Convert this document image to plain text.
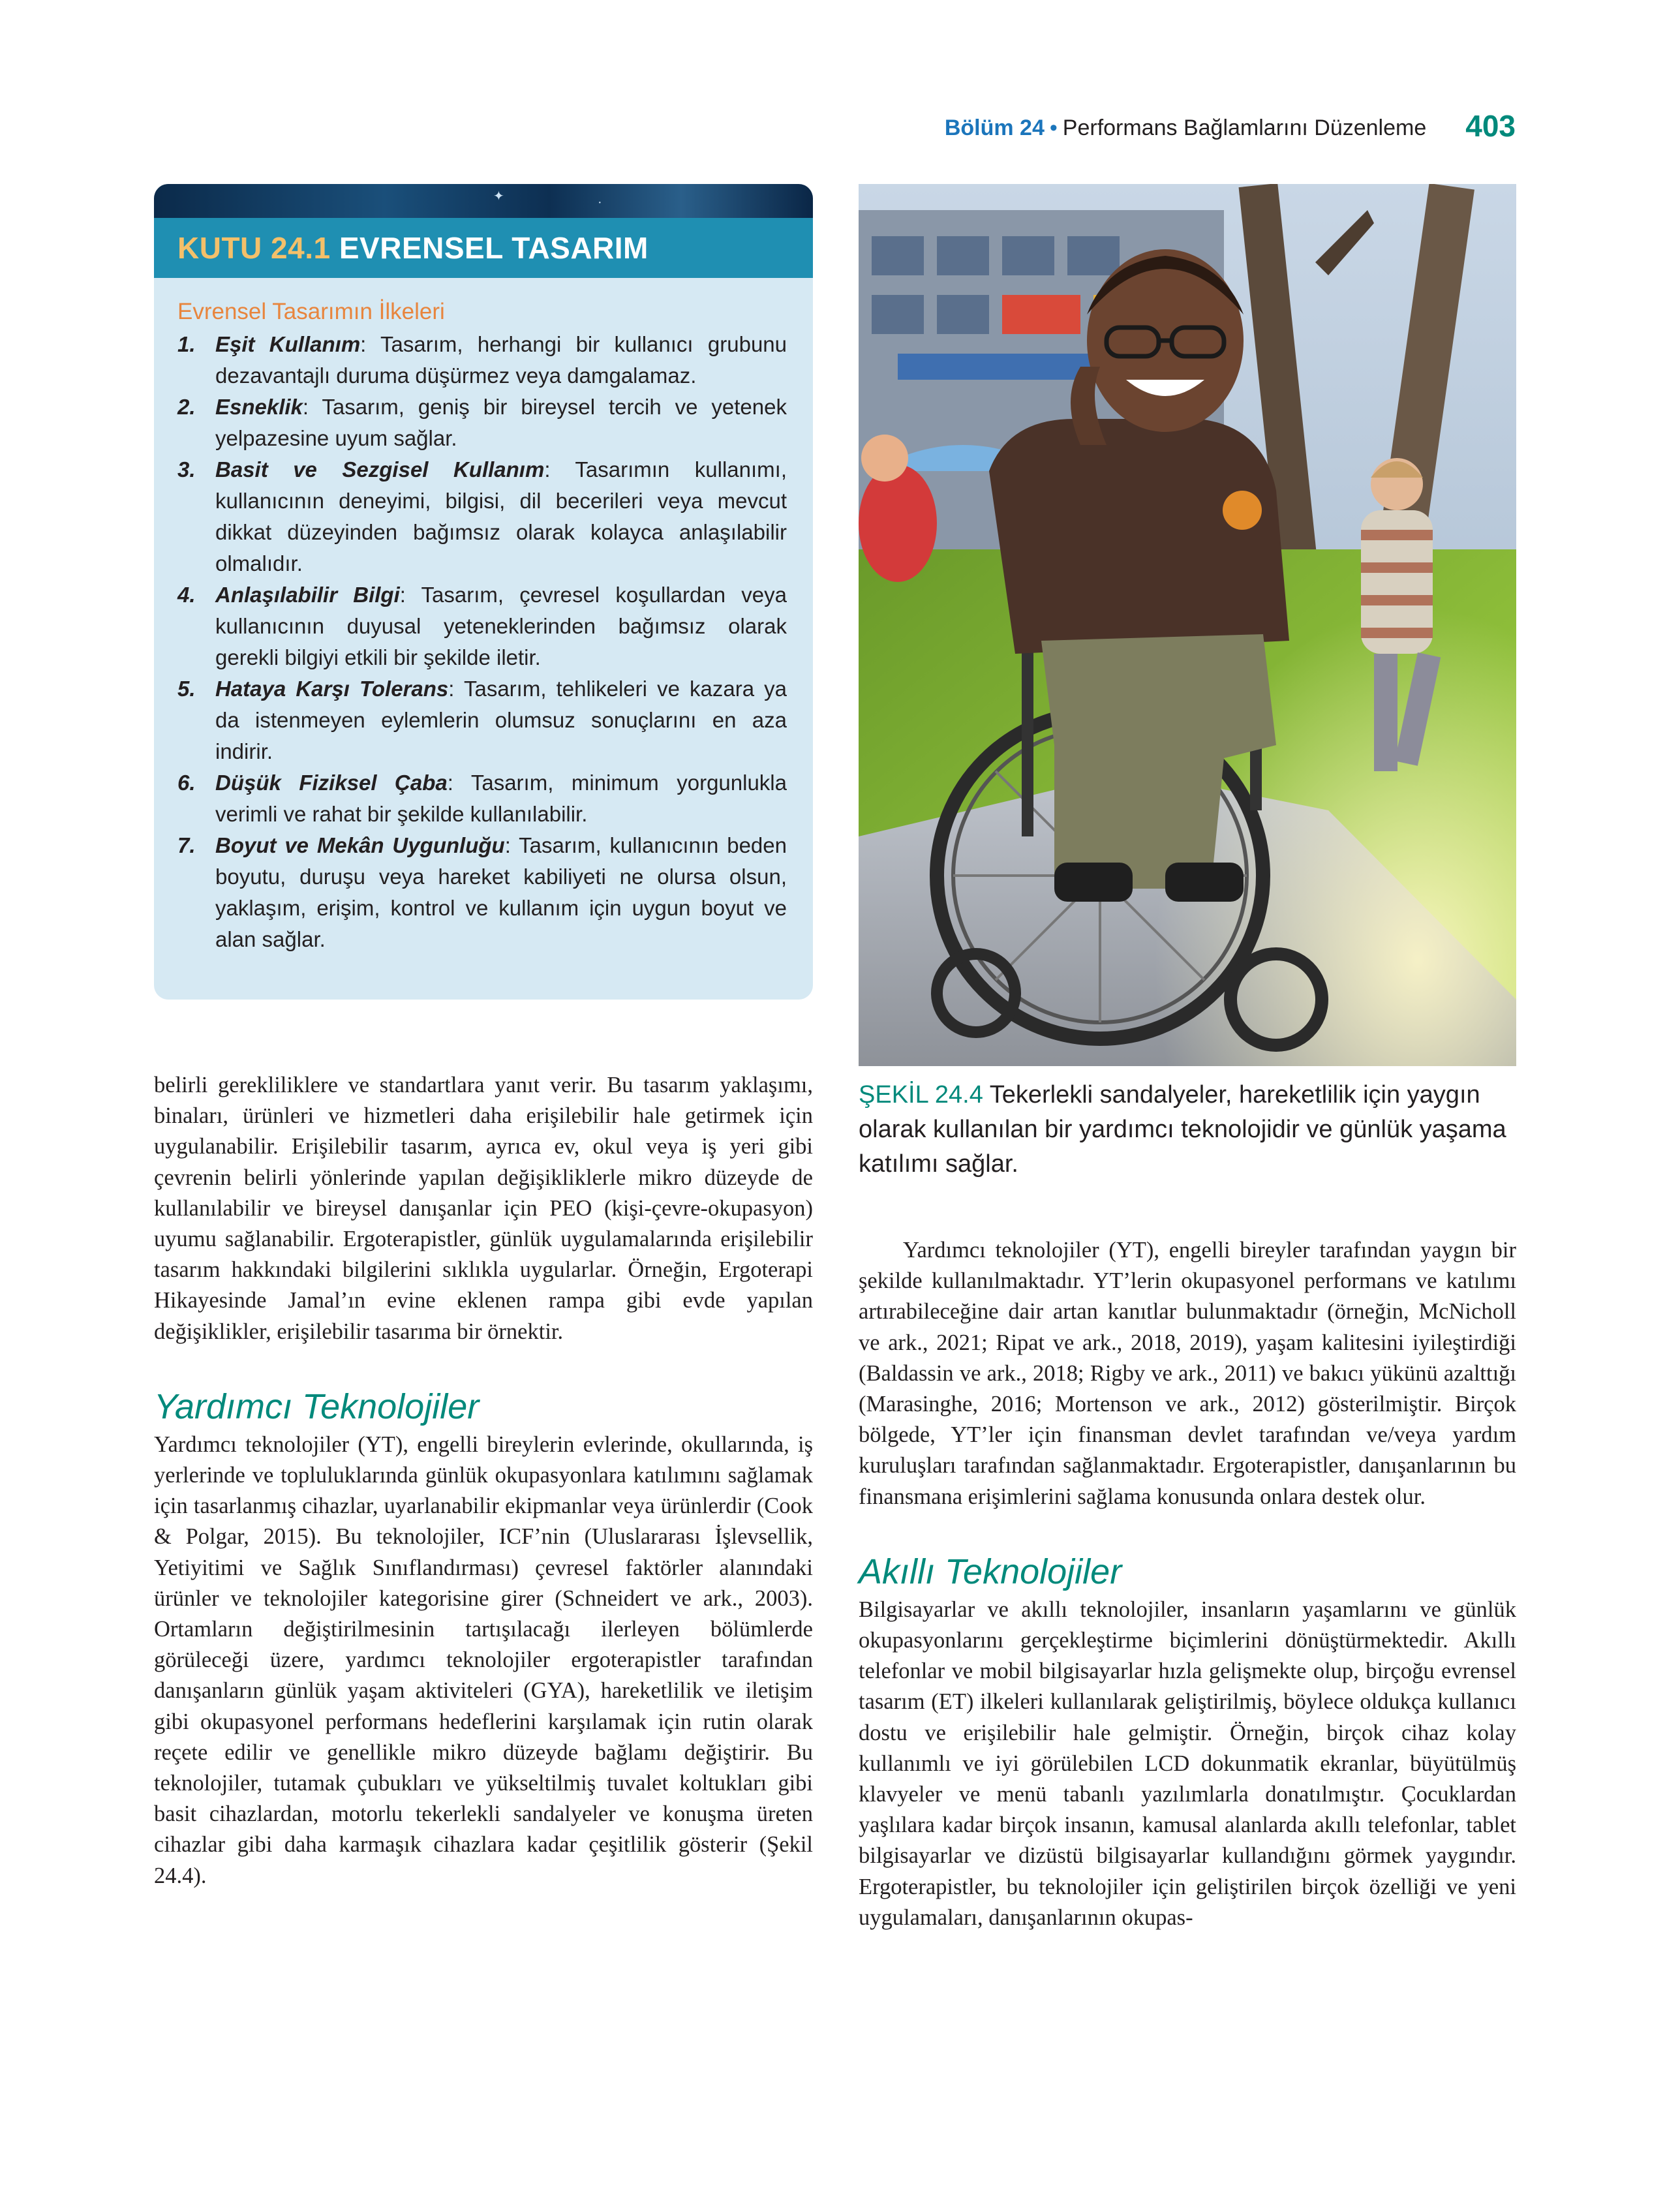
Bölüm 24 • Performans Bağlamlarını Düzenleme 403
✦	·
KUTU 24.1 EVRENSEL TASARIM
Evrensel Tasarımın İlkeleri
1. Eşit Kullanım: Tasarım, herhangi bir kullanıcı grubunu dezavantajlı duruma düşürmez veya damgalamaz.
2. Esneklik: Tasarım, geniş bir bireysel tercih ve yetenek yelpazesine uyum sağlar.
3. Basit ve Sezgisel Kullanım: Tasarımın kullanımı, kullanıcının deneyimi, bilgisi, dil becerileri veya mevcut dikkat düzeyinden bağımsız olarak kolayca anlaşılabilir olmalıdır.
4. Anlaşılabilir Bilgi: Tasarım, çevresel koşullardan veya kullanıcının duyusal yeteneklerinden bağımsız olarak gerekli bilgiyi etkili bir şekilde iletir.
5. Hataya Karşı Tolerans: Tasarım, tehlikeleri ve kazara ya da istenmeyen eylemlerin olumsuz sonuçlarını en aza indirir.
6. Düşük Fiziksel Çaba: Tasarım, minimum yorgunlukla verimli ve rahat bir şekilde kullanılabilir.
7. Boyut ve Mekân Uygunluğu: Tasarım, kullanıcının beden boyutu, duruşu veya hareket kabiliyeti ne olursa olsun, yaklaşım, erişim, kontrol ve kullanım için uygun boyut ve alan sağlar.
ŞEKİL 24.4 Tekerlekli sandalyeler, hareketlilik için yaygın olarak kullanılan bir yardımcı teknolojidir ve günlük yaşama katılımı sağlar.

belirli gerekliliklere ve standartlara yanıt verir. Bu tasarım yaklaşımı, binaları, ürünleri ve hizmetleri daha erişilebilir hale getirmek için uygulanabilir. Erişilebilir tasarım, ayrıca ev, okul veya iş yeri gibi çevrenin belirli yönlerinde yapılan değişikliklerle mikro düzeyde de kullanılabilir ve bireysel danışanlar için PEO (kişi-çevre-okupasyon) uyumu sağlanabilir. Ergoterapistler, günlük uygulamalarında erişilebilir tasarım hakkındaki bilgilerini sıklıkla uygularlar. Örneğin, Ergoterapi Hikayesinde Jamal’ın evine eklenen rampa gibi evde yapılan değişiklikler, erişilebilir tasarıma bir örnektir.

Yardımcı Teknolojiler

Yardımcı teknolojiler (YT), engelli bireylerin evlerinde, okullarında, iş yerlerinde ve topluluklarında günlük okupasyonlara katılımını sağlamak için tasarlanmış cihazlar, uyarlanabilir ekipmanlar veya ürünlerdir (Cook & Polgar, 2015). Bu teknolojiler, ICF’nin (Uluslararası İşlevsellik, Yetiyitimi ve Sağlık Sınıflandırması) çevresel faktörler alanındaki ürünler ve teknolojiler kategorisine girer (Schneidert ve ark., 2003). Ortamların değiştirilmesinin tartışılacağı ilerleyen bölümlerde görüleceği üzere, yardımcı teknolojiler ergoterapistler tarafından danışanların günlük yaşam aktiviteleri (GYA), hareketlilik ve iletişim gibi okupasyonel performans hedeflerini karşılamak için rutin olarak reçete edilir ve genellikle mikro düzeyde bağlamı değiştirir. Bu teknolojiler, tutamak çubukları ve yükseltilmiş tuvalet koltukları gibi basit cihazlardan, motorlu tekerlekli sandalyeler ve konuşma üreten cihazlar gibi daha karmaşık cihazlara kadar çeşitlilik gösterir (Şekil 24.4).

Yardımcı teknolojiler (YT), engelli bireyler tarafından yaygın bir şekilde kullanılmaktadır. YT’lerin okupasyonel performans ve katılımı artırabileceğine dair artan kanıtlar bulunmaktadır (örneğin, McNicholl ve ark., 2021; Ripat ve ark., 2018, 2019), yaşam kalitesini iyileştirdiği (Baldassin ve ark., 2018; Rigby ve ark., 2011) ve bakıcı yükünü azalttığı (Marasinghe, 2016; Mortenson ve ark., 2012) gösterilmiştir. Birçok bölgede, YT’ler için finansman devlet tarafından ve/veya yardım kuruluşları tarafından sağlanmaktadır. Ergoterapistler, danışanlarının bu finansmana erişimlerini sağlama konusunda onlara destek olur.

Akıllı Teknolojiler

Bilgisayarlar ve akıllı teknolojiler, insanların yaşamlarını ve günlük okupasyonlarını gerçekleştirme biçimlerini dönüştürmektedir. Akıllı telefonlar ve mobil bilgisayarlar hızla gelişmekte olup, birçoğu evrensel tasarım (ET) ilkeleri kullanılarak geliştirilmiş, böylece oldukça kullanıcı dostu ve erişilebilir hale gelmiştir. Örneğin, birçok cihaz kolay kullanımlı ve iyi görülebilen LCD dokunmatik ekranlar, büyütülmüş klavyeler ve menü tabanlı yazılımlarla donatılmıştır. Çocuklardan yaşlılara kadar birçok insanın, kamusal alanlarda akıllı telefonlar, tablet bilgisayarlar ve dizüstü bilgisayarlar kullandığını görmek yaygındır. Ergoterapistler, bu teknolojiler için geliştirilen birçok özelliği ve yeni uygulamaları, danışanlarının okupas-
